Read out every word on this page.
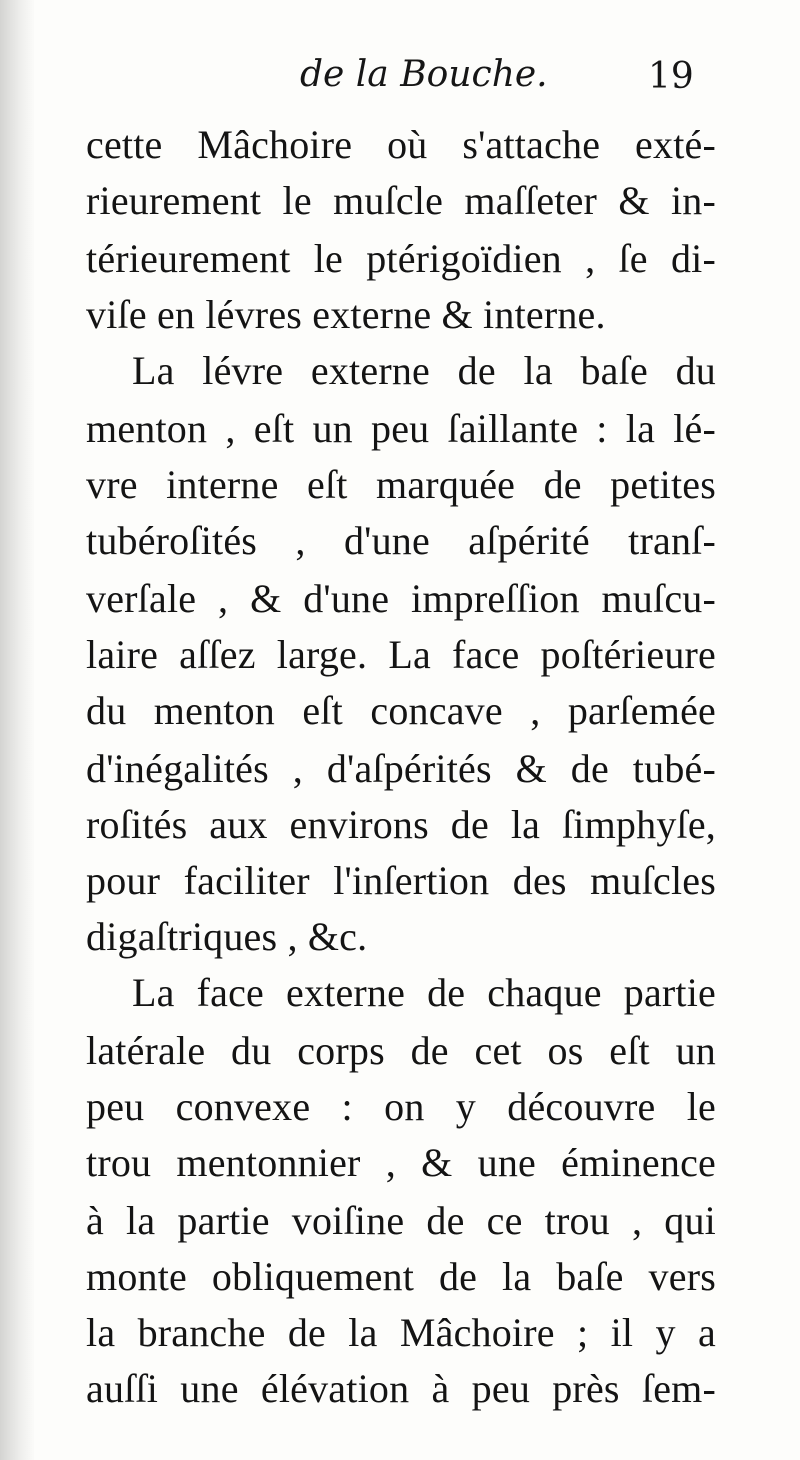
de la Bouche.	19
cette Mâchoire où s'attache exté-
rieurement le muſcle maſſeter & in-
térieurement le ptérigoïdien , ſe di-
viſe en lévres externe & interne.
La lévre externe de la baſe du
menton , eſt un peu ſaillante : la lé-
vre interne eſt marquée de petites
tubéroſités , d'une aſpérité tranſ-
verſale , & d'une impreſſion muſcu-
laire aſſez large. La face poſtérieure
du menton eſt concave , parſemée
d'inégalités , d'aſpérités & de tubé-
roſités aux environs de la ſimphyſe,
pour faciliter l'inſertion des muſcles
digaſtriques , &c.
La face externe de chaque partie
latérale du corps de cet os eſt un
peu convexe : on y découvre le
trou mentonnier , & une éminence
à la partie voiſine de ce trou , qui
monte obliquement de la baſe vers
la branche de la Mâchoire ; il y a
auſſi une élévation à peu près ſem-
